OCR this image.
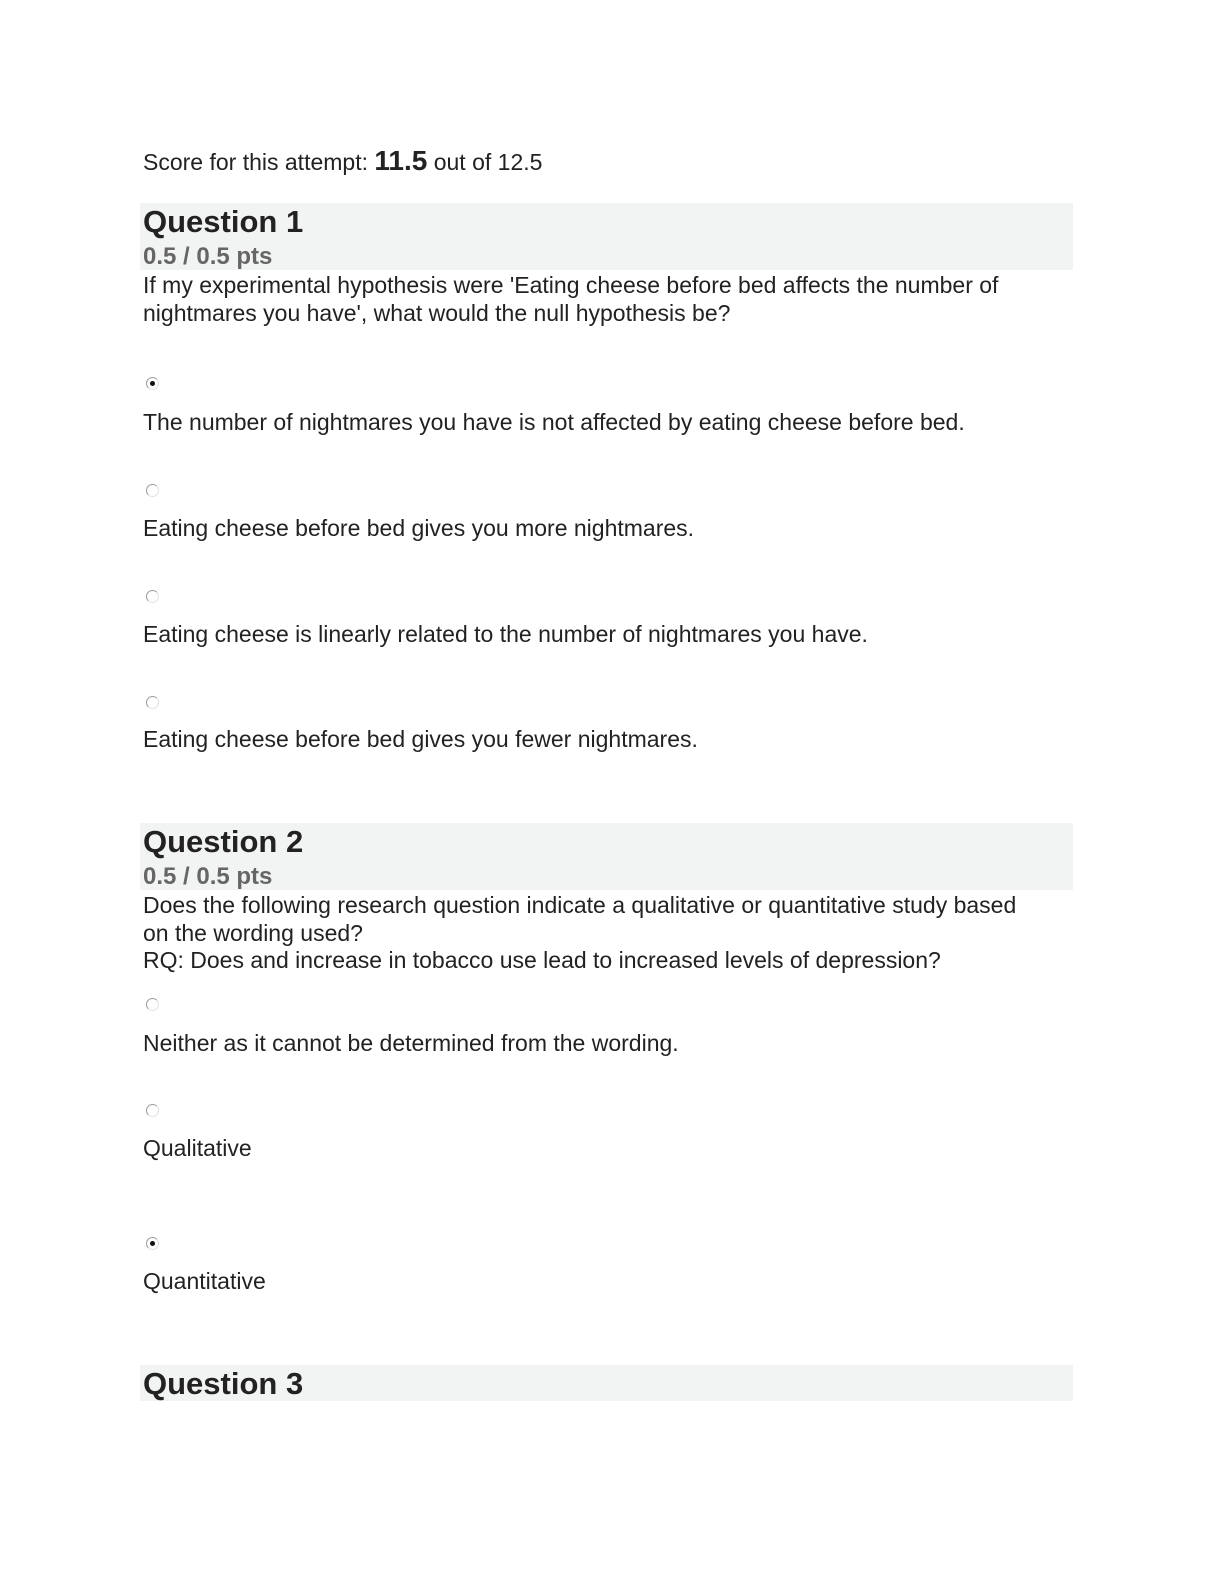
Score for this attempt: 11.5 out of 12.5
Question 1
0.5 / 0.5 pts
If my experimental hypothesis were 'Eating cheese before bed affects the number of
nightmares you have', what would the null hypothesis be?
The number of nightmares you have is not affected by eating cheese before bed.
Eating cheese before bed gives you more nightmares.
Eating cheese is linearly related to the number of nightmares you have.
Eating cheese before bed gives you fewer nightmares.
Question 2
0.5 / 0.5 pts
Does the following research question indicate a qualitative or quantitative study based
on the wording used?
RQ: Does and increase in tobacco use lead to increased levels of depression?
Neither as it cannot be determined from the wording.
Qualitative
Quantitative
Question 3
